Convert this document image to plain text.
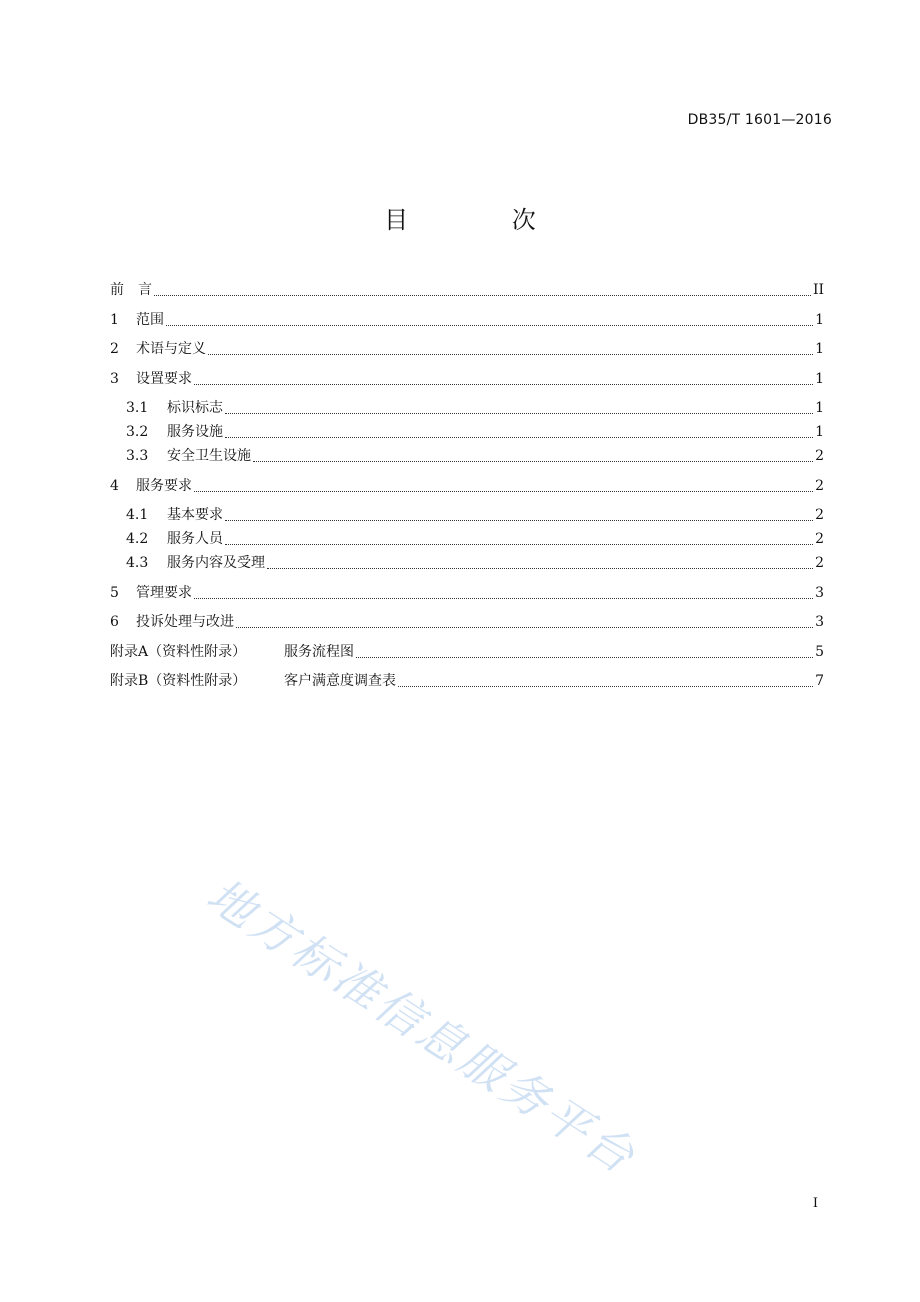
DB35/T 1601—2016
目 次
前　言	II
1	范围	1
2	术语与定义	1
3	设置要求	1
3.1	标识标志	1
3.2	服务设施	1
3.3	安全卫生设施	2
4	服务要求	2
4.1	基本要求	2
4.2	服务人员	2
4.3	服务内容及受理	2
5	管理要求	3
6	投诉处理与改进	3
附录A（资料性附录）	服务流程图	5
附录B（资料性附录）	客户满意度调查表	7
地方标准信息服务平台
I
